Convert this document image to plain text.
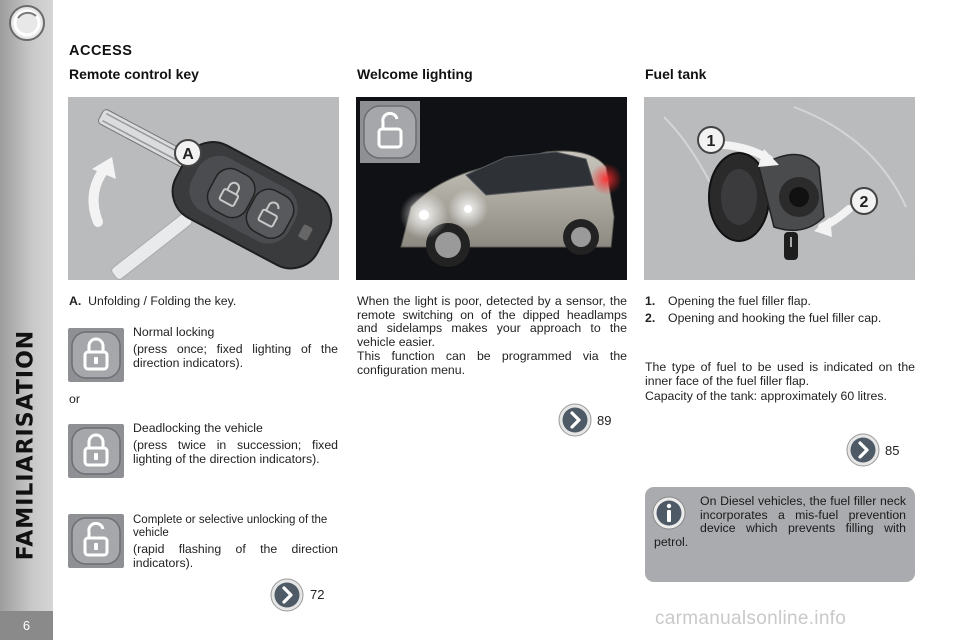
FAMILIARISATION
6
ACCESS
Remote control key
A
A. Unfolding / Folding the key.
Normal locking
(press once; fixed lighting of the direction indicators).
or
Deadlocking the vehicle
(press twice in succession; fixed lighting of the direction indicators).
Complete or selective unlocking of the vehicle
(rapid flashing of the direction indicators).
72
Welcome lighting
When the light is poor, detected by a sensor, the remote switching on of the dipped headlamps and sidelamps makes your approach to the vehicle easier.
This function can be programmed via the configuration menu.
89
Fuel tank
1
2
1.	Opening the fuel filler flap.
2.	Opening and hooking the fuel filler cap.
The type of fuel to be used is indicated on the inner face of the fuel filler flap.
Capacity of the tank: approximately 60 litres.
85
On Diesel vehicles, the fuel filler neck incorporates a mis-fuel prevention device which prevents filling with petrol.
carmanualsonline.info
